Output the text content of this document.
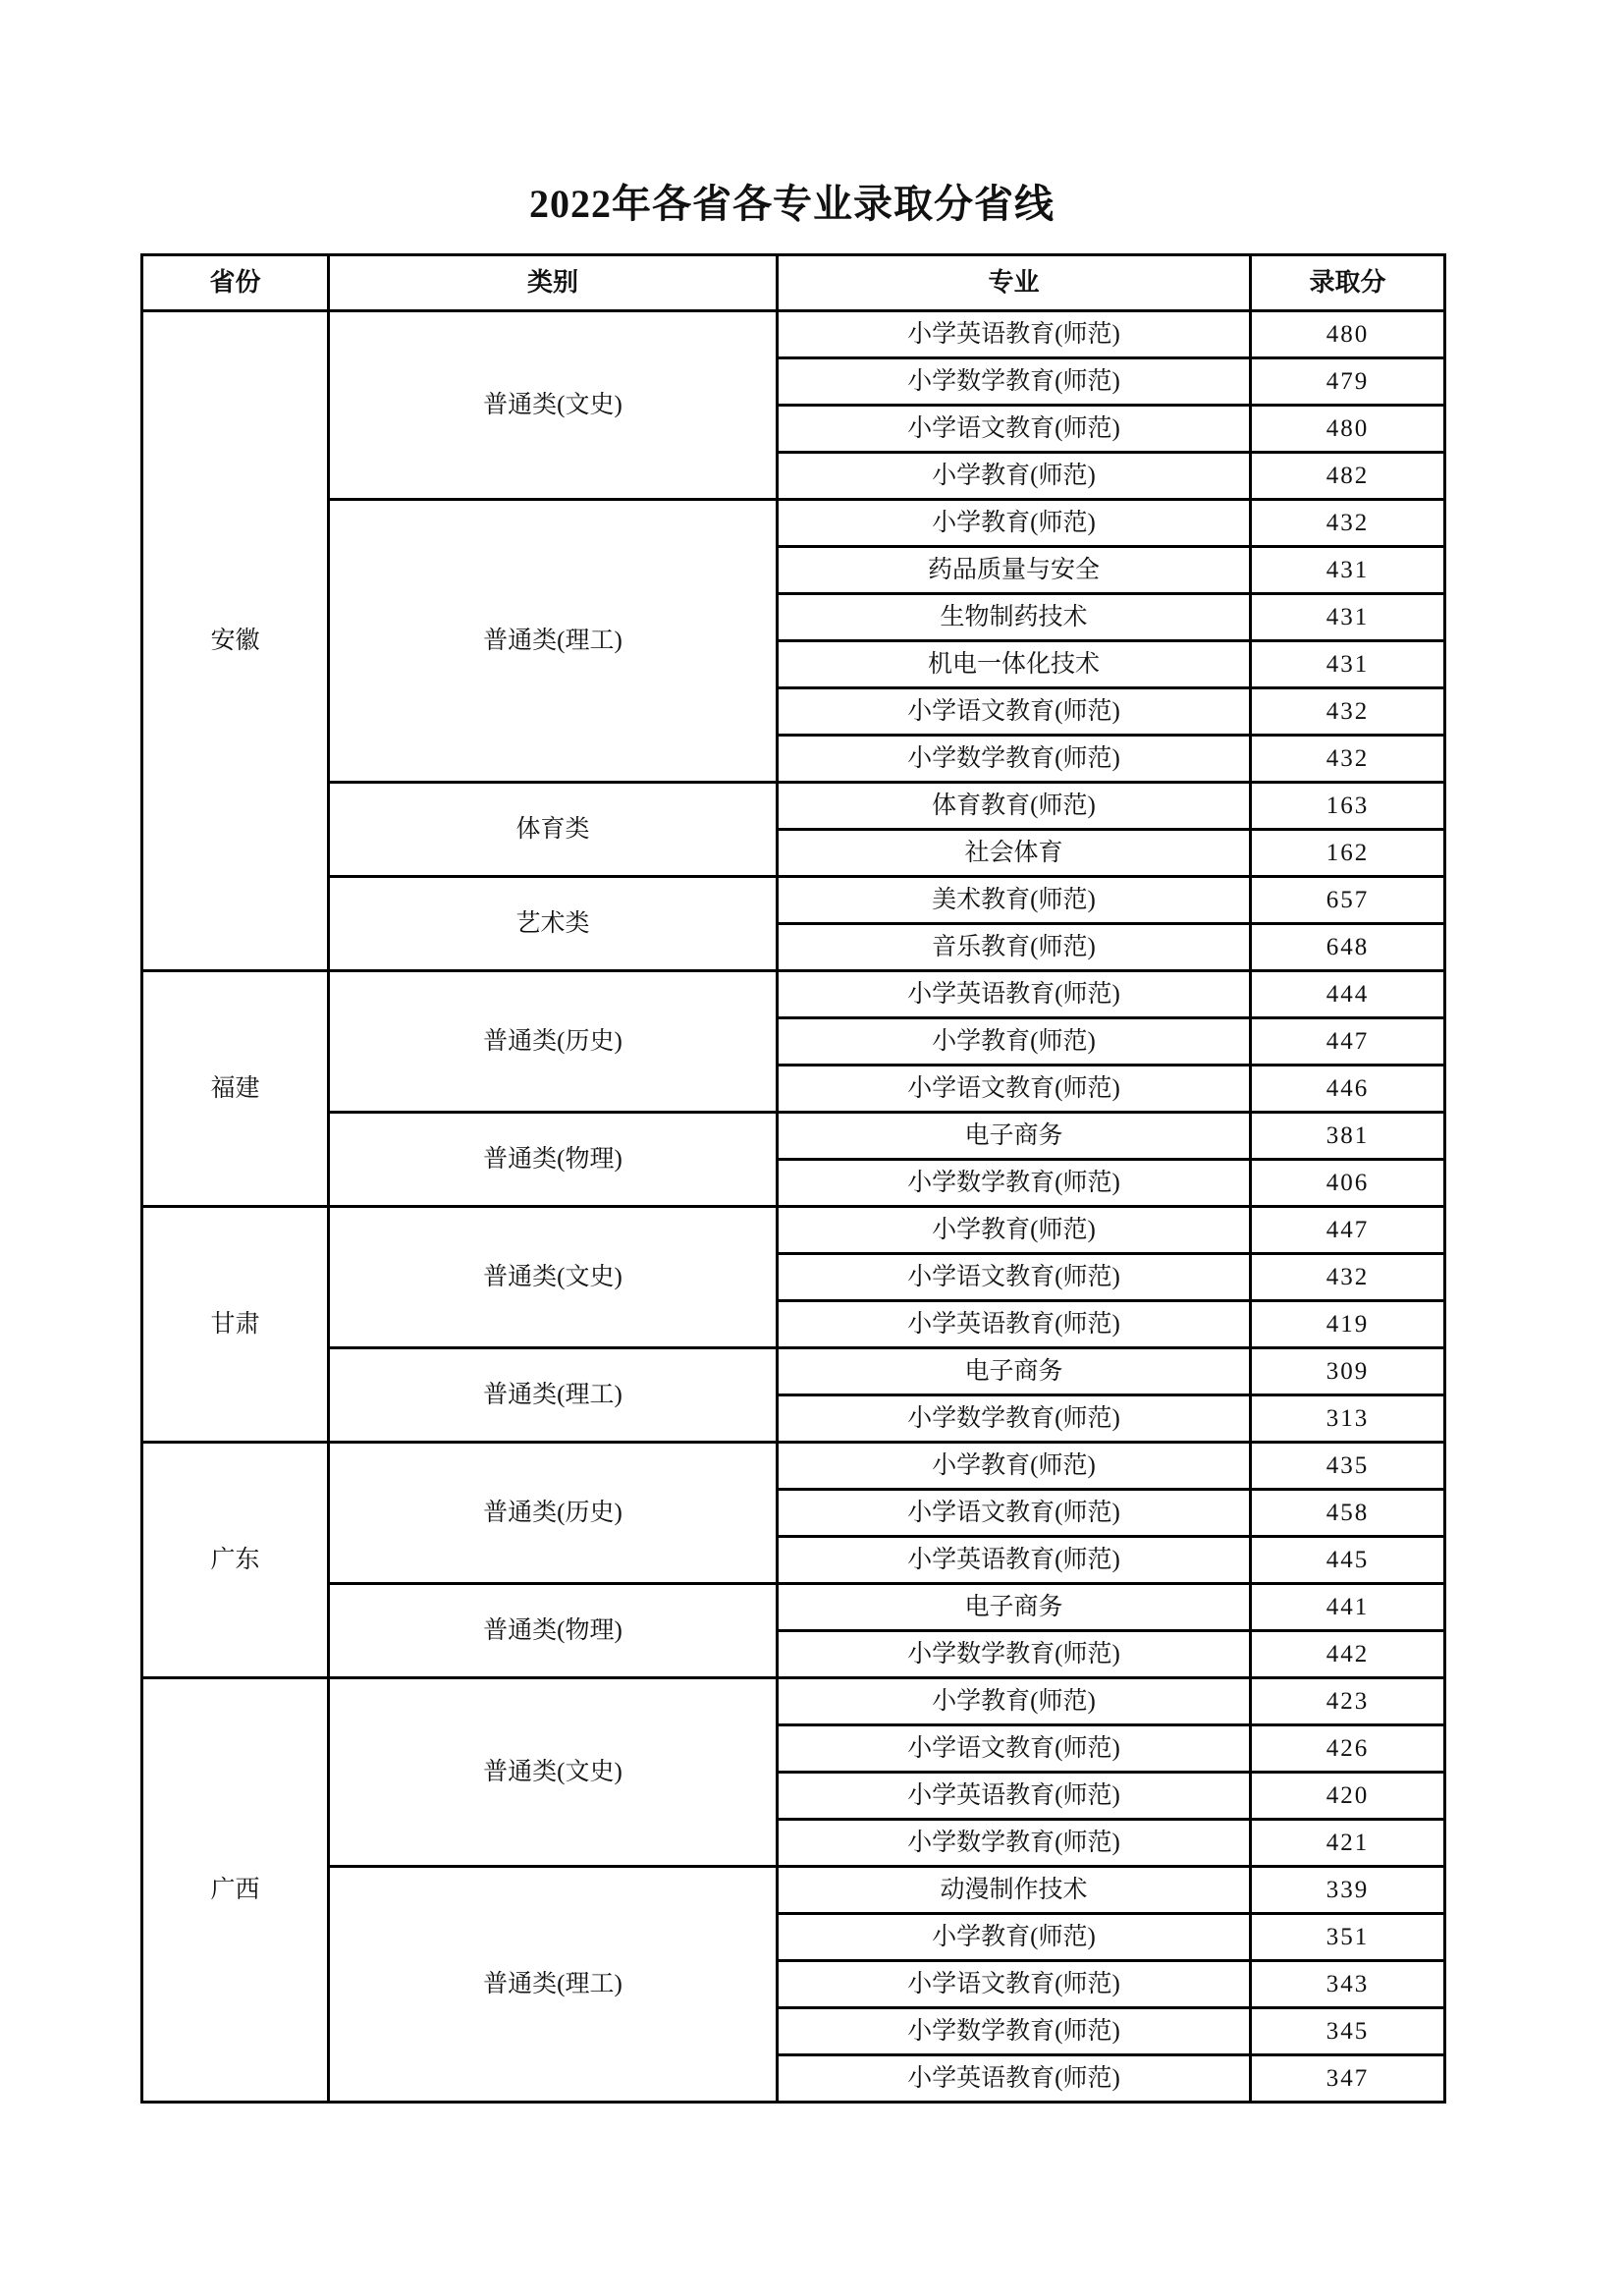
2022年各省各专业录取分省线
省份	类别	专业	录取分
安徽	普通类(文史)	小学英语教育(师范)	480
		小学数学教育(师范)	479
		小学语文教育(师范)	480
		小学教育(师范)	482
	普通类(理工)	小学教育(师范)	432
		药品质量与安全	431
		生物制药技术	431
		机电一体化技术	431
		小学语文教育(师范)	432
		小学数学教育(师范)	432
	体育类	体育教育(师范)	163
		社会体育	162
	艺术类	美术教育(师范)	657
		音乐教育(师范)	648
福建	普通类(历史)	小学英语教育(师范)	444
		小学教育(师范)	447
		小学语文教育(师范)	446
	普通类(物理)	电子商务	381
		小学数学教育(师范)	406
甘肃	普通类(文史)	小学教育(师范)	447
		小学语文教育(师范)	432
		小学英语教育(师范)	419
	普通类(理工)	电子商务	309
		小学数学教育(师范)	313
广东	普通类(历史)	小学教育(师范)	435
		小学语文教育(师范)	458
		小学英语教育(师范)	445
	普通类(物理)	电子商务	441
		小学数学教育(师范)	442
广西	普通类(文史)	小学教育(师范)	423
		小学语文教育(师范)	426
		小学英语教育(师范)	420
		小学数学教育(师范)	421
	普通类(理工)	动漫制作技术	339
		小学教育(师范)	351
		小学语文教育(师范)	343
		小学数学教育(师范)	345
		小学英语教育(师范)	347
